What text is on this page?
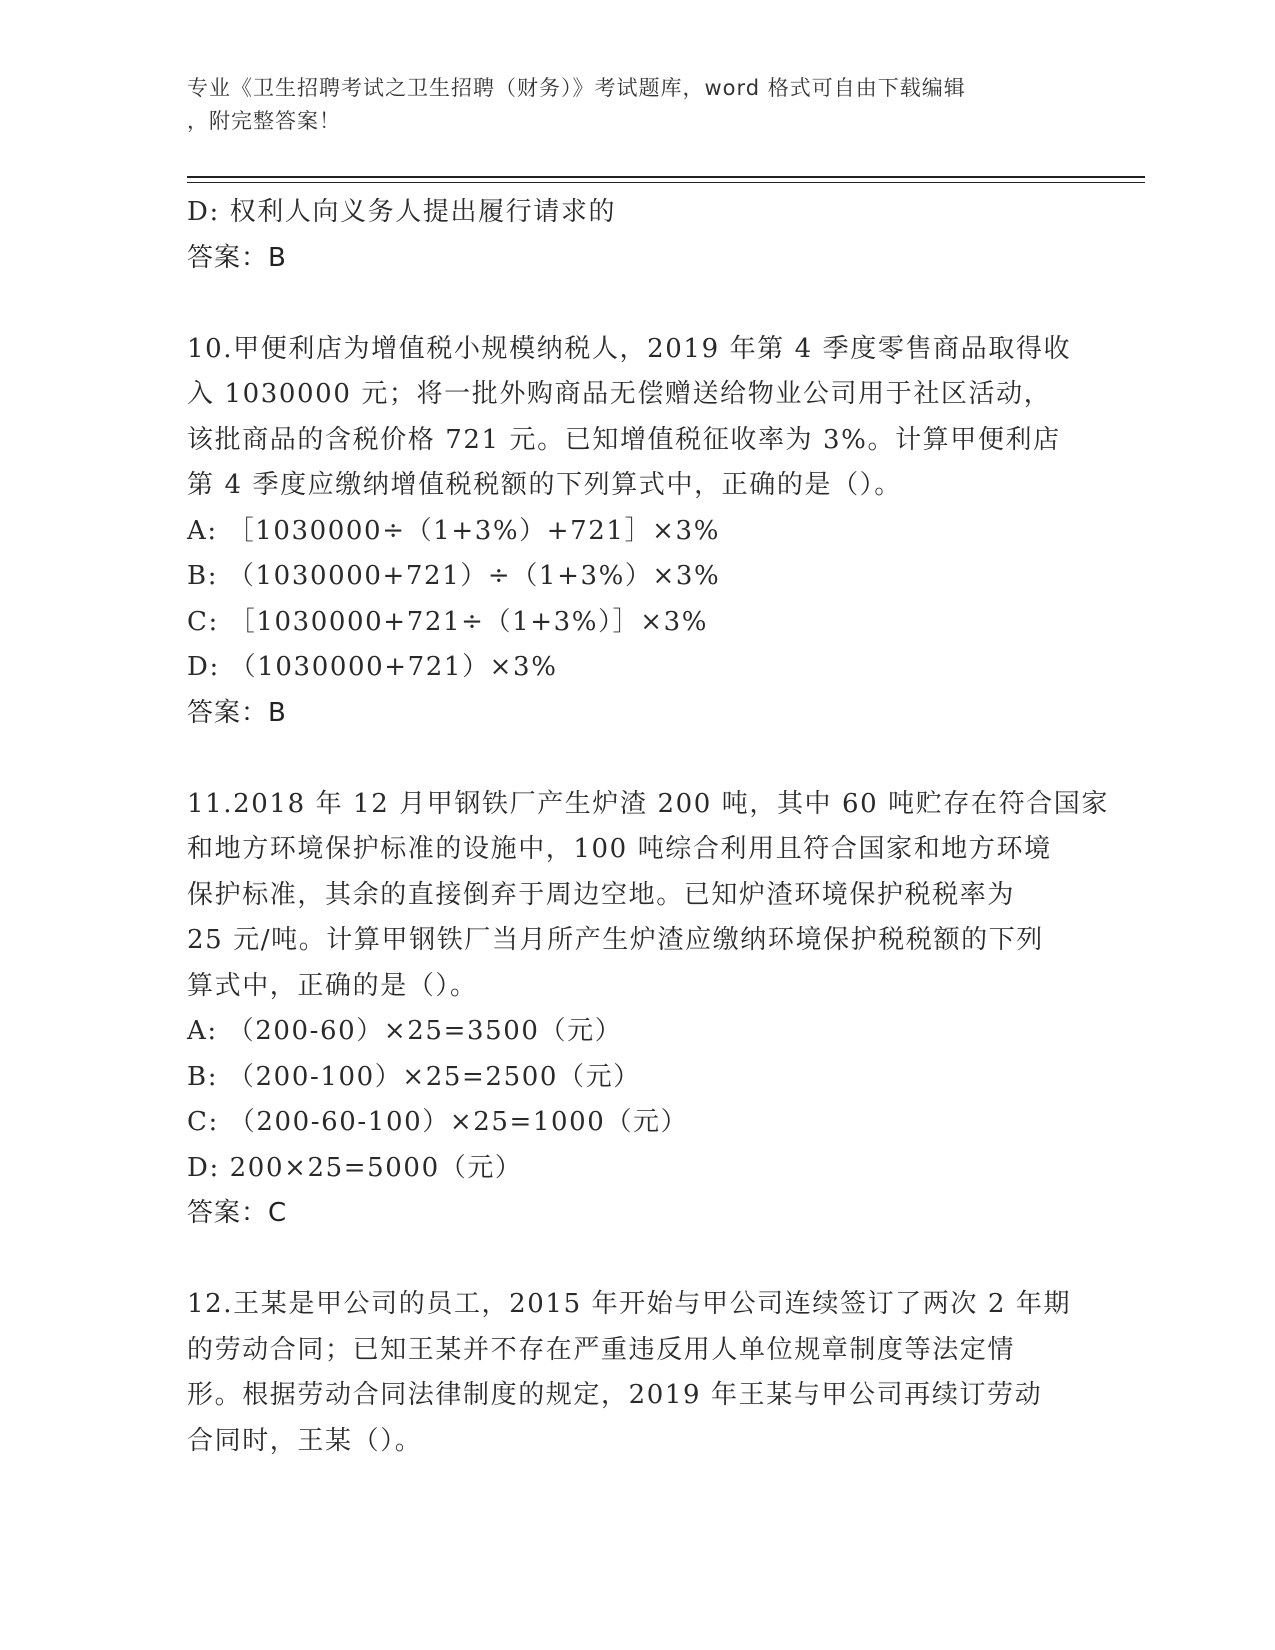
专业《卫生招聘考试之卫生招聘（财务）》考试题库，word 格式可自由下载编辑
，附完整答案！
D: 权利人向义务人提出履行请求的
答案：B
10.甲便利店为增值税小规模纳税人，2019 年第 4 季度零售商品取得收
入 1030000 元；将一批外购商品无偿赠送给物业公司用于社区活动，
该批商品的含税价格 721 元。已知增值税征收率为 3%。计算甲便利店
第 4 季度应缴纳增值税税额的下列算式中，正确的是（）。
A: ［1030000÷（1+3%）+721］×3%
B: （1030000+721）÷（1+3%）×3%
C: ［1030000+721÷（1+3%）］×3%
D: （1030000+721）×3%
答案：B
11.2018 年 12 月甲钢铁厂产生炉渣 200 吨，其中 60 吨贮存在符合国家
和地方环境保护标准的设施中，100 吨综合利用且符合国家和地方环境
保护标准，其余的直接倒弃于周边空地。已知炉渣环境保护税税率为
25 元/吨。计算甲钢铁厂当月所产生炉渣应缴纳环境保护税税额的下列
算式中，正确的是（）。
A: （200-60）×25=3500（元）
B: （200-100）×25=2500（元）
C: （200-60-100）×25=1000（元）
D: 200×25=5000（元）
答案：C
12.王某是甲公司的员工，2015 年开始与甲公司连续签订了两次 2 年期
的劳动合同；已知王某并不存在严重违反用人单位规章制度等法定情
形。根据劳动合同法律制度的规定，2019 年王某与甲公司再续订劳动
合同时，王某（）。
